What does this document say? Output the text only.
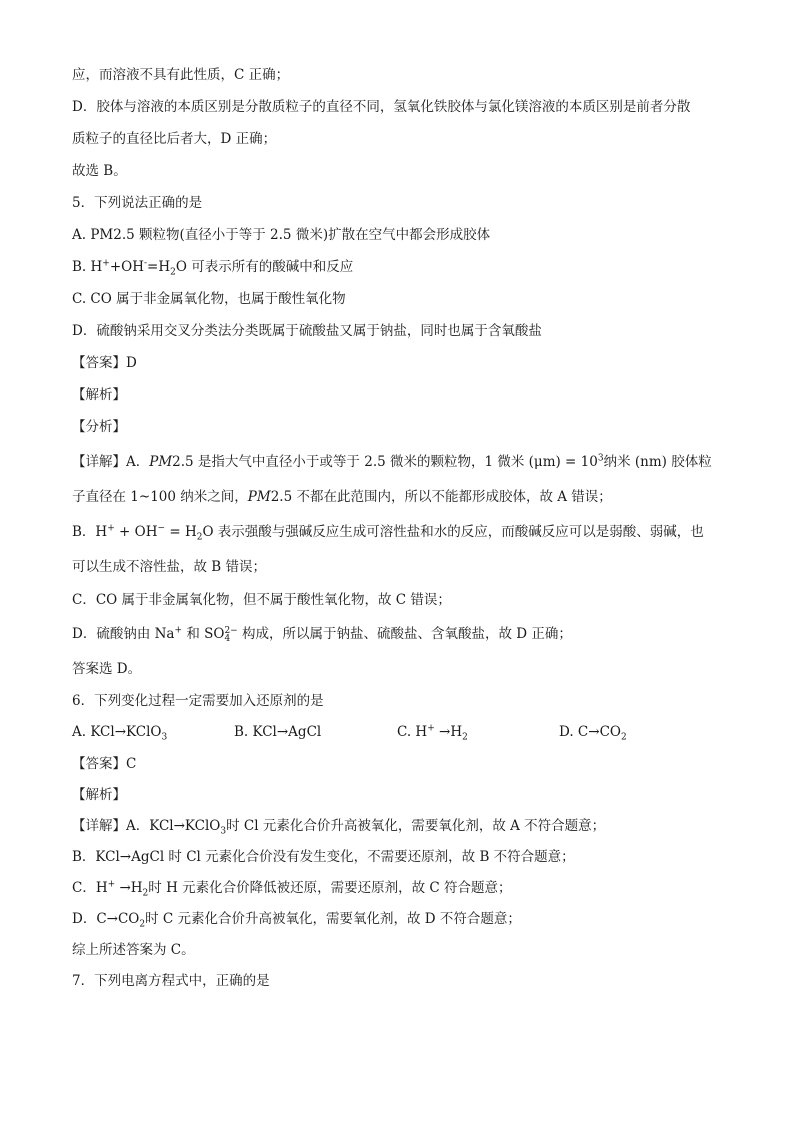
应，而溶液不具有此性质，C 正确；
D．胶体与溶液的本质区别是分散质粒子的直径不同，氢氧化铁胶体与氯化镁溶液的本质区别是前者分散
质粒子的直径比后者大，D 正确；
故选 B。
5．下列说法正确的是
A. PM2.5 颗粒物(直径小于等于 2.5 微米)扩散在空气中都会形成胶体
B. $H^++OH^-=H_2O$ 可表示所有的酸碱中和反应
C. CO 属于非金属氧化物，也属于酸性氧化物
D．硫酸钠采用交叉分类法分类既属于硫酸盐又属于钠盐，同时也属于含氧酸盐
【答案】D
【解析】
【分析】
【详解】A．PM2.5 是指大气中直径小于或等于 2.5 微米的颗粒物，1 微米 $(\mu m) = 10^3$纳米 (nm) 胶体粒
子直径在 1~100 纳米之间，PM2.5 不都在此范围内，所以不能都形成胶体，故 A 错误；
B．$H^+ + OH^- = H_2O$ 表示强酸与强碱反应生成可溶性盐和水的反应，而酸碱反应可以是弱酸、弱碱，也
可以生成不溶性盐，故 B 错误；
C．CO 属于非金属氧化物，但不属于酸性氧化物，故 C 错误；
D．硫酸钠由 Na+ 和 SO 2−
4 构成，所以属于钠盐、硫酸盐、含氧酸盐，故 D 正确；
答案选 D。
6．下列变化过程一定需要加入还原剂的是
A. KCl→KClO$_3$	B. KCl→AgCl	C. $H^+ \to H_2$	D. $C\to CO_2$
【答案】C
【解析】
【详解】A．KCl→KClO$_3$时 Cl 元素化合价升高被氧化，需要氧化剂，故 A 不符合题意；
B．KCl→AgCl 时 Cl 元素化合价没有发生变化，不需要还原剂，故 B 不符合题意；
C．$H^+ \to H_2$时 H 元素化合价降低被还原，需要还原剂，故 C 符合题意；
D．$C\to CO_2$时 C 元素化合价升高被氧化，需要氧化剂，故 D 不符合题意；
综上所述答案为 C。
7．下列电离方程式中，正确的是
